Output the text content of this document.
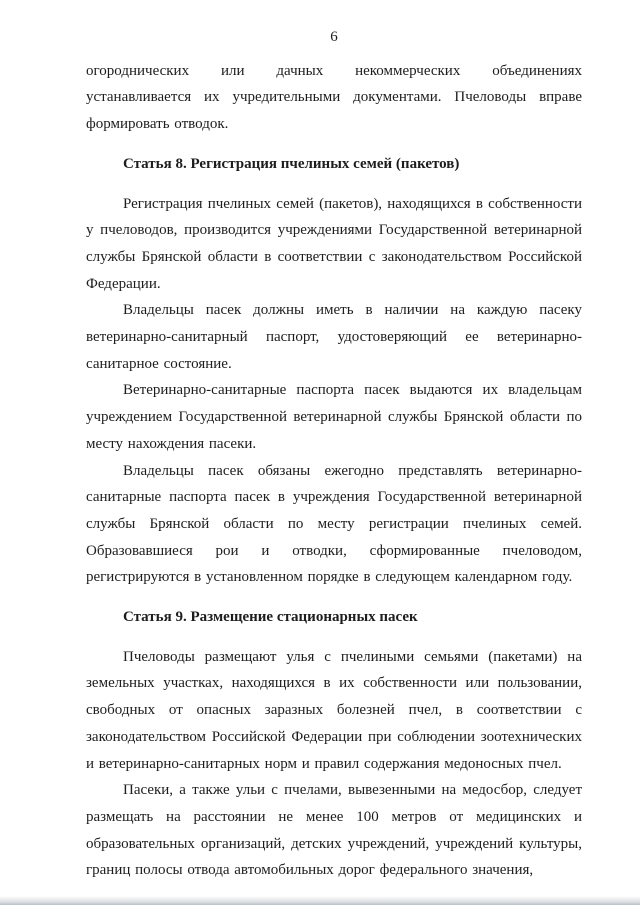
6

огороднических или дачных некоммерческих объединениях устанавливается их учредительными документами. Пчеловоды вправе формировать отводок.

Статья 8. Регистрация пчелиных семей (пакетов)

Регистрация пчелиных семей (пакетов), находящихся в собственности у пчеловодов, производится учреждениями Государственной ветеринарной службы Брянской области в соответствии с законодательством Российской Федерации.

Владельцы пасек должны иметь в наличии на каждую пасеку ветеринарно-санитарный паспорт, удостоверяющий ее ветеринарно-санитарное состояние.

Ветеринарно-санитарные паспорта пасек выдаются их владельцам учреждением Государственной ветеринарной службы Брянской области по месту нахождения пасеки.

Владельцы пасек обязаны ежегодно представлять ветеринарно-санитарные паспорта пасек в учреждения Государственной ветеринарной службы Брянской области по месту регистрации пчелиных семей. Образовавшиеся рои и отводки, сформированные пчеловодом, регистрируются в установленном порядке в следующем календарном году.

Статья 9. Размещение стационарных пасек

Пчеловоды размещают улья с пчелиными семьями (пакетами) на земельных участках, находящихся в их собственности или пользовании, свободных от опасных заразных болезней пчел, в соответствии с законодательством Российской Федерации при соблюдении зоотехнических и ветеринарно-санитарных норм и правил содержания медоносных пчел.

Пасеки, а также ульи с пчелами, вывезенными на медосбор, следует размещать на расстоянии не менее 100 метров от медицинских и образовательных организаций, детских учреждений, учреждений культуры, границ полосы отвода автомобильных дорог федерального значения,
